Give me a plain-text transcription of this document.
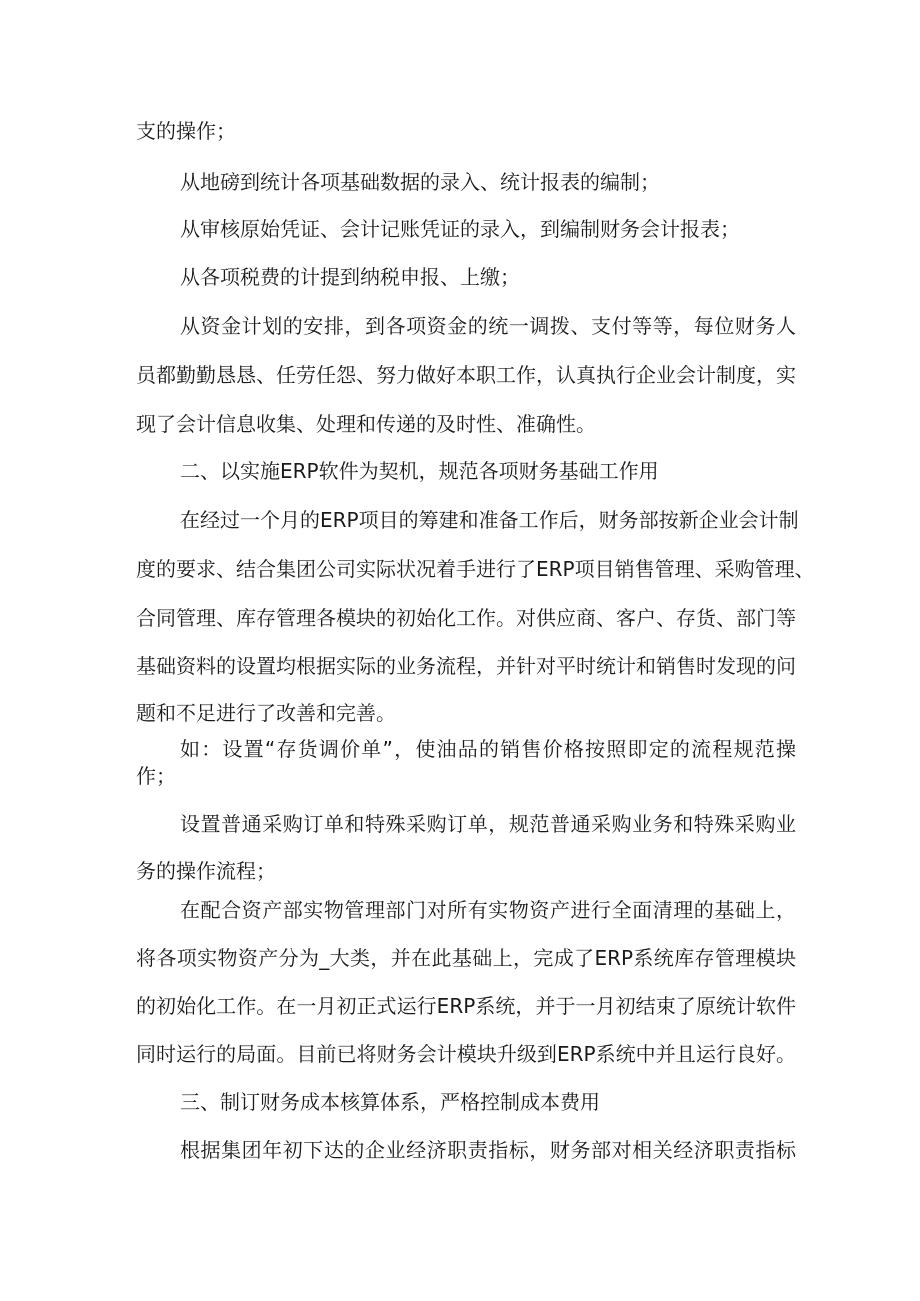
支的操作；
从地磅到统计各项基础数据的录入、统计报表的编制；
从审核原始凭证、会计记账凭证的录入，到编制财务会计报表；
从各项税费的计提到纳税申报、上缴；
从资金计划的安排，到各项资金的统一调拨、支付等等，每位财务人
员都勤勤恳恳、任劳任怨、努力做好本职工作，认真执行企业会计制度，实
现了会计信息收集、处理和传递的及时性、准确性。
二、以实施ERP软件为契机，规范各项财务基础工作用
在经过一个月的ERP项目的筹建和准备工作后，财务部按新企业会计制
度的要求、结合集团公司实际状况着手进行了ERP项目销售管理、采购管理、
合同管理、库存管理各模块的初始化工作。对供应商、客户、存货、部门等
基础资料的设置均根据实际的业务流程，并针对平时统计和销售时发现的问
题和不足进行了改善和完善。
如：设置“存货调价单”，使油品的销售价格按照即定的流程规范操
作；
设置普通采购订单和特殊采购订单，规范普通采购业务和特殊采购业
务的操作流程；
在配合资产部实物管理部门对所有实物资产进行全面清理的基础上，
将各项实物资产分为_大类，并在此基础上，完成了ERP系统库存管理模块
的初始化工作。在一月初正式运行ERP系统，并于一月初结束了原统计软件
同时运行的局面。目前已将财务会计模块升级到ERP系统中并且运行良好。
三、制订财务成本核算体系，严格控制成本费用
根据集团年初下达的企业经济职责指标，财务部对相关经济职责指标
